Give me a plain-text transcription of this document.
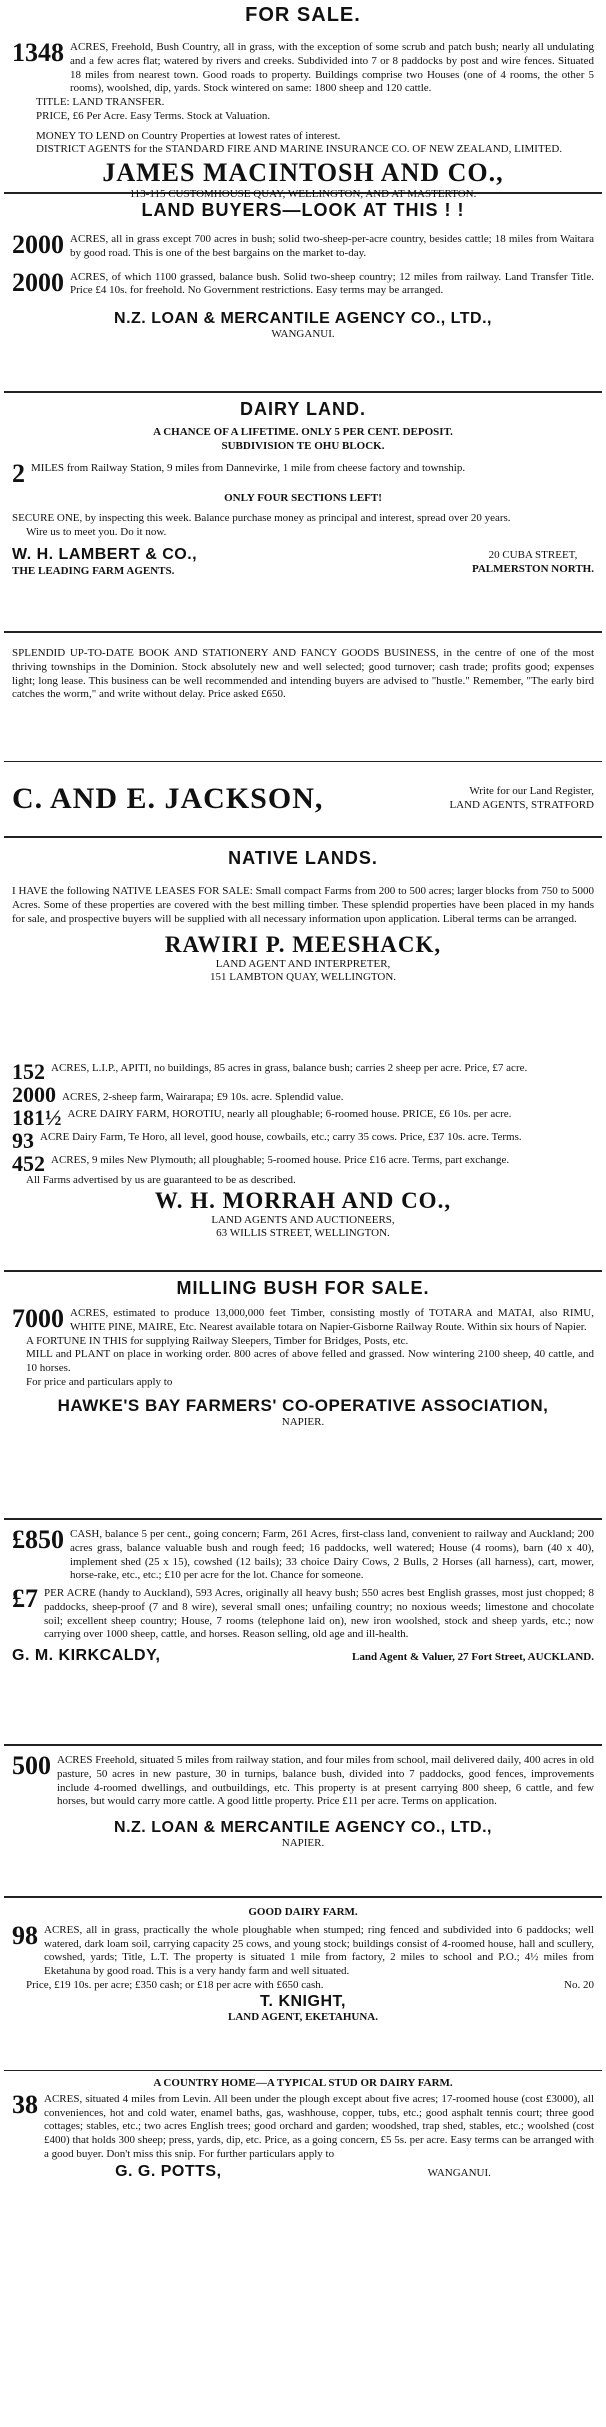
FOR SALE.
1348 ACRES, Freehold, Bush Country, all in grass, with the exception of some scrub and patch bush; nearly all undulating and a few acres flat; watered by rivers and creeks. Subdivided into 7 or 8 paddocks by post and wire fences. Situated 18 miles from nearest town. Good roads to property. Buildings comprise two Houses (one of 4 rooms, the other 5 rooms), woolshed, dip, yards. Stock wintered on same: 1800 sheep and 120 cattle.

TITLE: LAND TRANSFER.

PRICE, £6 Per Acre. Easy Terms. Stock at Valuation.

MONEY TO LEND on Country Properties at lowest rates of interest.

DISTRICT AGENTS for the STANDARD FIRE AND MARINE INSURANCE CO. OF NEW ZEALAND, LIMITED.

JAMES MACINTOSH AND CO.,

113-115 CUSTOMHOUSE QUAY, WELLINGTON, AND AT MASTERTON.

LAND BUYERS—LOOK AT THIS ! !
2000 ACRES, all in grass except 700 acres in bush; solid two-sheep-per-acre country, besides cattle; 18 miles from Waitara by good road. This is one of the best bargains on the market to-day.

2000 ACRES, of which 1100 grassed, balance bush. Solid two-sheep country; 12 miles from railway. Land Transfer Title. Price £4 10s. for freehold. No Government restrictions. Easy terms may be arranged.

N.Z. LOAN & MERCANTILE AGENCY CO., LTD.,

WANGANUI.

DAIRY LAND.

A CHANCE OF A LIFETIME. ONLY 5 PER CENT. DEPOSIT.

SUBDIVISION TE OHU BLOCK.

2 MILES from Railway Station, 9 miles from Dannevirke, 1 mile from cheese factory and township.

ONLY FOUR SECTIONS LEFT!

SECURE ONE, by inspecting this week. Balance purchase money as principal and interest, spread over 20 years.

Wire us to meet you. Do it now.

W. H. LAMBERT & CO.,
THE LEADING FARM AGENTS.
20 CUBA STREET,
PALMERSTON NORTH.

SPLENDID UP-TO-DATE BOOK AND STATIONERY AND FANCY GOODS BUSINESS, in the centre of one of the most thriving townships in the Dominion. Stock absolutely new and well selected; good turnover; cash trade; profits good; expenses light; long lease. This business can be well recommended and intending buyers are advised to "hustle." Remember, "The early bird catches the worm," and write without delay. Price asked £650.

C. AND E. JACKSON,	Write for our Land Register,
LAND AGENTS, STRATFORD
NATIVE LANDS.

I HAVE the following NATIVE LEASES FOR SALE: Small compact Farms from 200 to 500 acres; larger blocks from 750 to 5000 Acres. Some of these properties are covered with the best milling timber. These splendid properties have been placed in my hands for sale, and prospective buyers will be supplied with all necessary information upon application. Liberal terms can be arranged.

RAWIRI P. MEESHACK,

LAND AGENT AND INTERPRETER,

151 LAMBTON QUAY, WELLINGTON.

152 ACRES, L.I.P., APITI, no buildings, 85 acres in grass, balance bush; carries 2 sheep per acre. Price, £7 acre.

2000 ACRES, 2-sheep farm, Wairarapa; £9 10s. acre. Splendid value.

181½ ACRE DAIRY FARM, HOROTIU, nearly all ploughable; 6-roomed house. PRICE, £6 10s. per acre.

93 ACRE Dairy Farm, Te Horo, all level, good house, cowbails, etc.; carry 35 cows. Price, £37 10s. acre. Terms.

452 ACRES, 9 miles New Plymouth; all ploughable; 5-roomed house. Price £16 acre. Terms, part exchange.

All Farms advertised by us are guaranteed to be as described.

W. H. MORRAH AND CO.,

LAND AGENTS AND AUCTIONEERS,

63 WILLIS STREET, WELLINGTON.

MILLING BUSH FOR SALE.
7000 ACRES, estimated to produce 13,000,000 feet Timber, consisting mostly of TOTARA and MATAI, also RIMU, WHITE PINE, MAIRE, Etc. Nearest available totara on Napier-Gisborne Railway Route. Within six hours of Napier.

A FORTUNE IN THIS for supplying Railway Sleepers, Timber for Bridges, Posts, etc.

MILL and PLANT on place in working order. 800 acres of above felled and grassed. Now wintering 2100 sheep, 40 cattle, and 10 horses.

For price and particulars apply to

HAWKE'S BAY FARMERS' CO-OPERATIVE ASSOCIATION,

NAPIER.

£850 CASH, balance 5 per cent., going concern; Farm, 261 Acres, first-class land, convenient to railway and Auckland; 200 acres grass, balance valuable bush and rough feed; 16 paddocks, well watered; House (4 rooms), barn (40 x 40), implement shed (25 x 15), cowshed (12 bails); 33 choice Dairy Cows, 2 Bulls, 2 Horses (all harness), cart, mower, horse-rake, etc., etc.; £10 per acre for the lot. Chance for someone.

£7 PER ACRE (handy to Auckland), 593 Acres, originally all heavy bush; 550 acres best English grasses, most just chopped; 8 paddocks, sheep-proof (7 and 8 wire), several small ones; unfailing country; no noxious weeds; limestone and chocolate soil; excellent sheep country; House, 7 rooms (telephone laid on), new iron woolshed, stock and sheep yards, etc.; now carrying over 1000 sheep, cattle, and horses. Reason selling, old age and ill-health.

G. M. KIRKCALDY,	Land Agent & Valuer, 27 Fort Street, AUCKLAND.
500 ACRES Freehold, situated 5 miles from railway station, and four miles from school, mail delivered daily, 400 acres in old pasture, 50 acres in new pasture, 30 in turnips, balance bush, divided into 7 paddocks, good fences, improvements include 4-roomed dwellings, and outbuildings, etc. This property is at present carrying 800 sheep, 6 cattle, and few horses, but would carry more cattle. A good little property. Price £11 per acre. Terms on application.

N.Z. LOAN & MERCANTILE AGENCY CO., LTD.,

NAPIER.

GOOD DAIRY FARM.

98 ACRES, all in grass, practically the whole ploughable when stumped; ring fenced and subdivided into 6 paddocks; well watered, dark loam soil, carrying capacity 25 cows, and young stock; buildings consist of 4-roomed house, hall and scullery, cowshed, yards; Title, L.T. The property is situated 1 mile from factory, 2 miles to school and P.O.; 4½ miles from Eketahuna by good road. This is a very handy farm and well situated.

Price, £19 10s. per acre; £350 cash; or £18 per acre with £650 cash.	No. 20

T. KNIGHT,

LAND AGENT, EKETAHUNA.

A COUNTRY HOME—A TYPICAL STUD OR DAIRY FARM.

38 ACRES, situated 4 miles from Levin. All been under the plough except about five acres; 17-roomed house (cost £3000), all conveniences, hot and cold water, enamel baths, gas, washhouse, copper, tubs, etc.; good asphalt tennis court; three good cottages; stables, etc.; two acres English trees; good orchard and garden; woodshed, trap shed, stables, etc.; woolshed (cost £400) that holds 300 sheep; press, yards, dip, etc. Price, as a going concern, £5 5s. per acre. Easy terms can be arranged with a good buyer. Don't miss this snip. For further particulars apply to

G. G. POTTS,	WANGANUI.
